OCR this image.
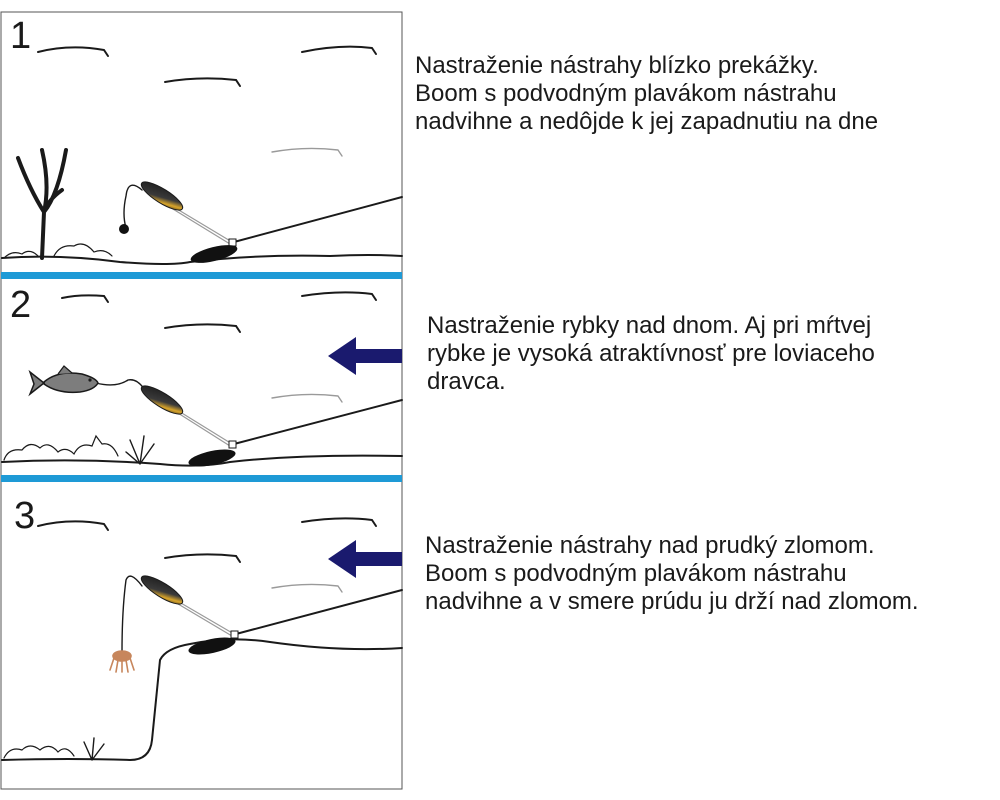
1
2
3

Nastraženie nástrahy blízko prekážky.
Boom s podvodným plavákom nástrahu
nadvihne a nedôjde k jej zapadnutiu na dne

Nastraženie rybky nad dnom. Aj pri mŕtvej
rybke je vysoká atraktívnosť pre loviaceho
dravca.

Nastraženie nástrahy nad prudký zlomom.
Boom s podvodným plavákom nástrahu
nadvihne a v smere prúdu ju drží nad zlomom.
